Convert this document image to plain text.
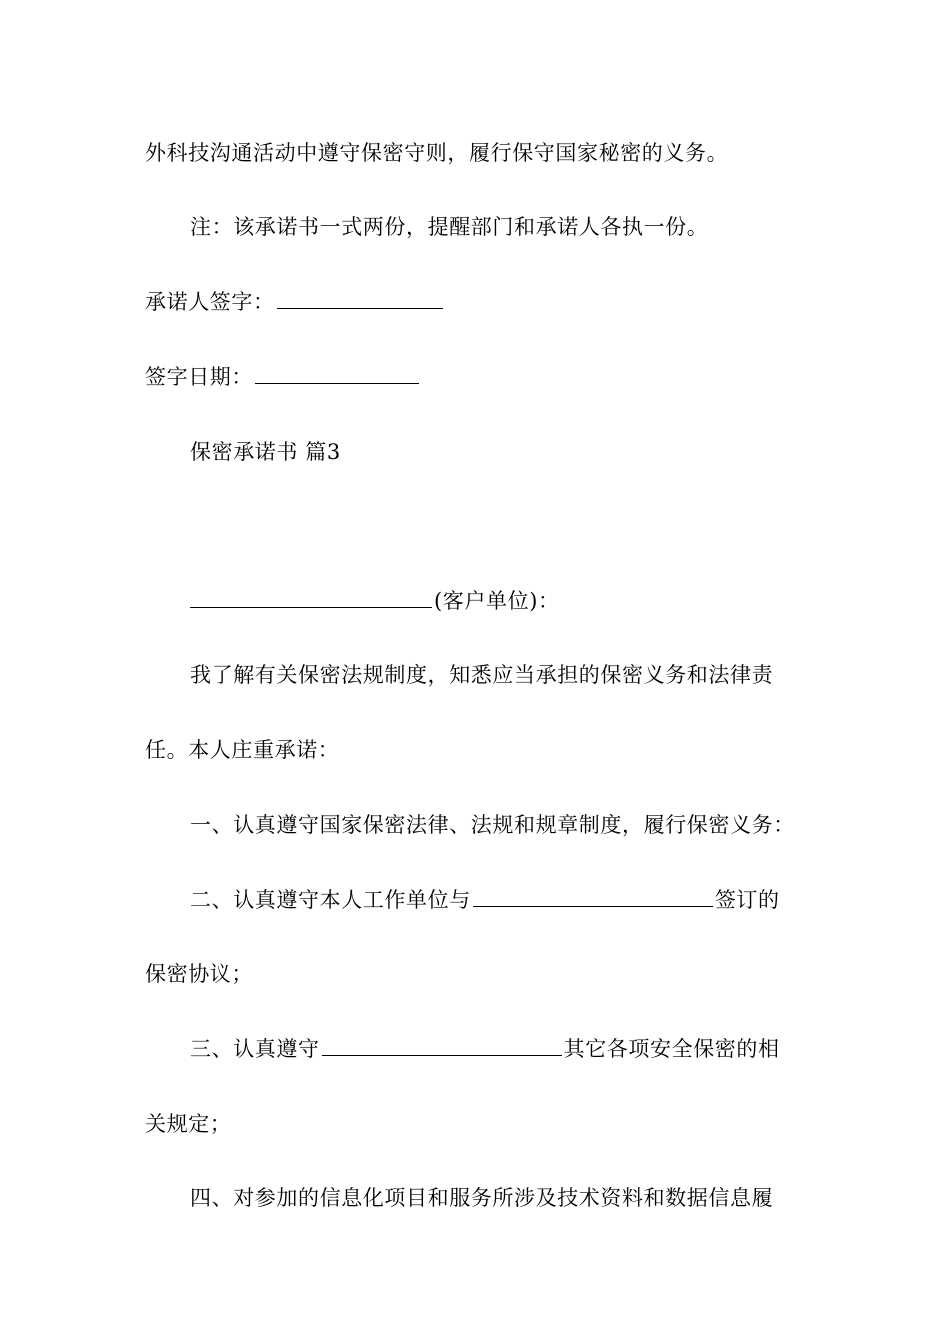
外科技沟通活动中遵守保密守则，履行保守国家秘密的义务。
注：该承诺书一式两份，提醒部门和承诺人各执一份。
承诺人签字：
签字日期：
保密承诺书 篇3
(客户单位)：
我了解有关保密法规制度，知悉应当承担的保密义务和法律责
任。本人庄重承诺：
一、认真遵守国家保密法律、法规和规章制度，履行保密义务：
二、认真遵守本人工作单位与	签订的
保密协议；
三、认真遵守	其它各项安全保密的相
关规定；
四、对参加的信息化项目和服务所涉及技术资料和数据信息履
